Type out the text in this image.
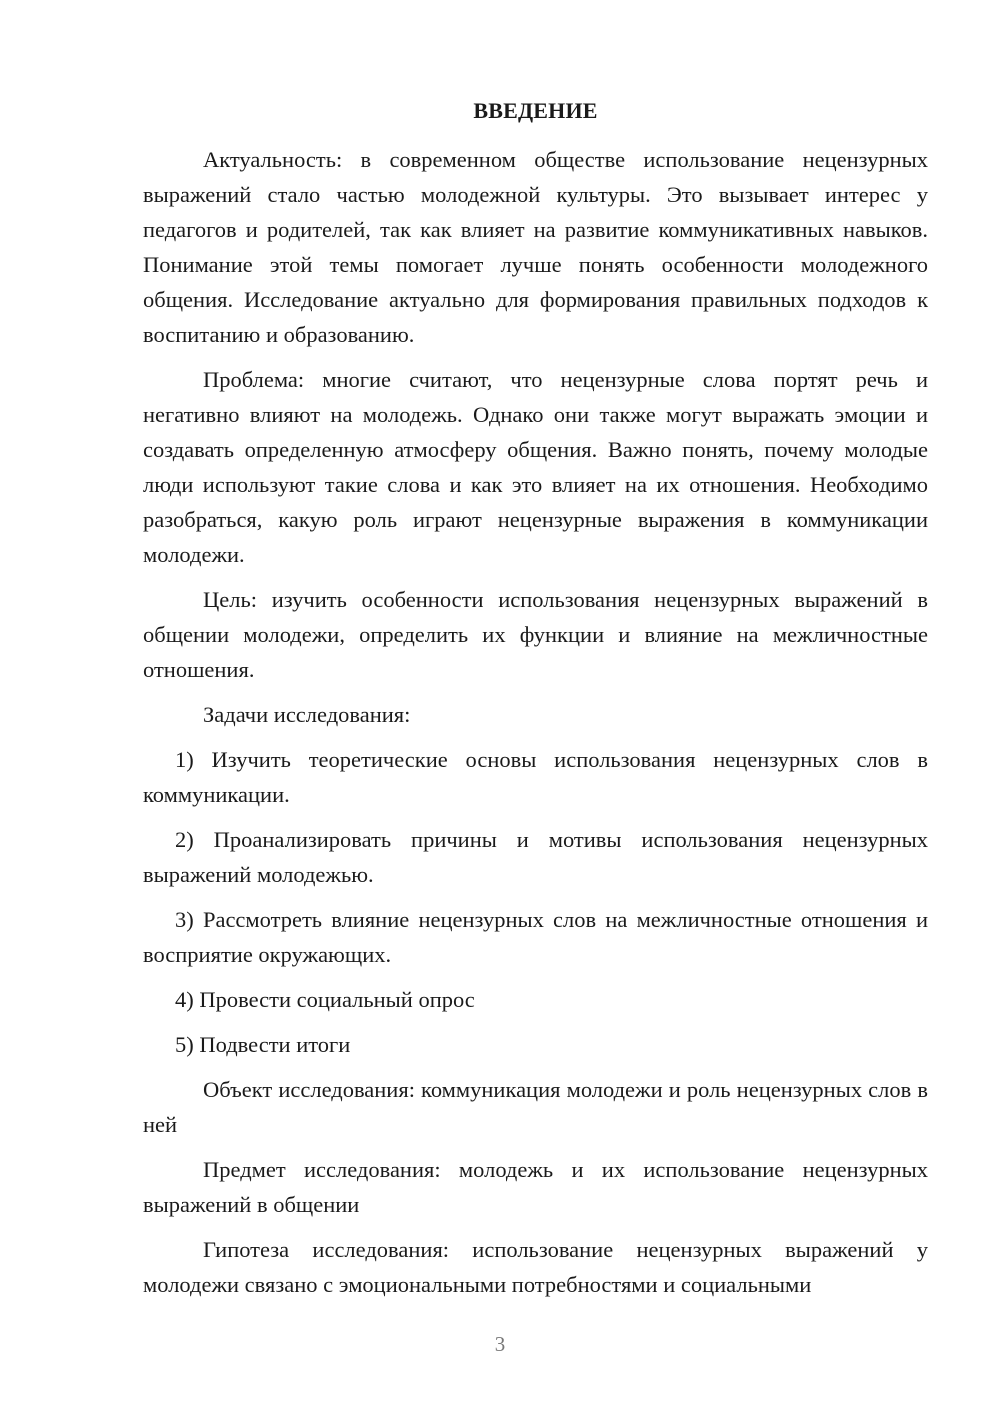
ВВЕДЕНИЕ

Актуальность: в современном обществе использование нецензурных выражений стало частью молодежной культуры. Это вызывает интерес у педагогов и родителей, так как влияет на развитие коммуникативных навыков. Понимание этой темы помогает лучше понять особенности молодежного общения. Исследование актуально для формирования правильных подходов к воспитанию и образованию.

Проблема: многие считают, что нецензурные слова портят речь и негативно влияют на молодежь. Однако они также могут выражать эмоции и создавать определенную атмосферу общения. Важно понять, почему молодые люди используют такие слова и как это влияет на их отношения. Необходимо разобраться, какую роль играют нецензурные выражения в коммуникации молодежи.

Цель: изучить особенности использования нецензурных выражений в общении молодежи, определить их функции и влияние на межличностные отношения.

Задачи исследования:

1) Изучить теоретические основы использования нецензурных слов в коммуникации.

2) Проанализировать причины и мотивы использования нецензурных выражений молодежью.

3) Рассмотреть влияние нецензурных слов на межличностные отношения и восприятие окружающих.

4) Провести социальный опрос

5) Подвести итоги

Объект исследования: коммуникация молодежи и роль нецензурных слов в ней

Предмет исследования: молодежь и их использование нецензурных выражений в общении

Гипотеза исследования: использование нецензурных выражений у молодежи связано с эмоциональными потребностями и социальными

3
